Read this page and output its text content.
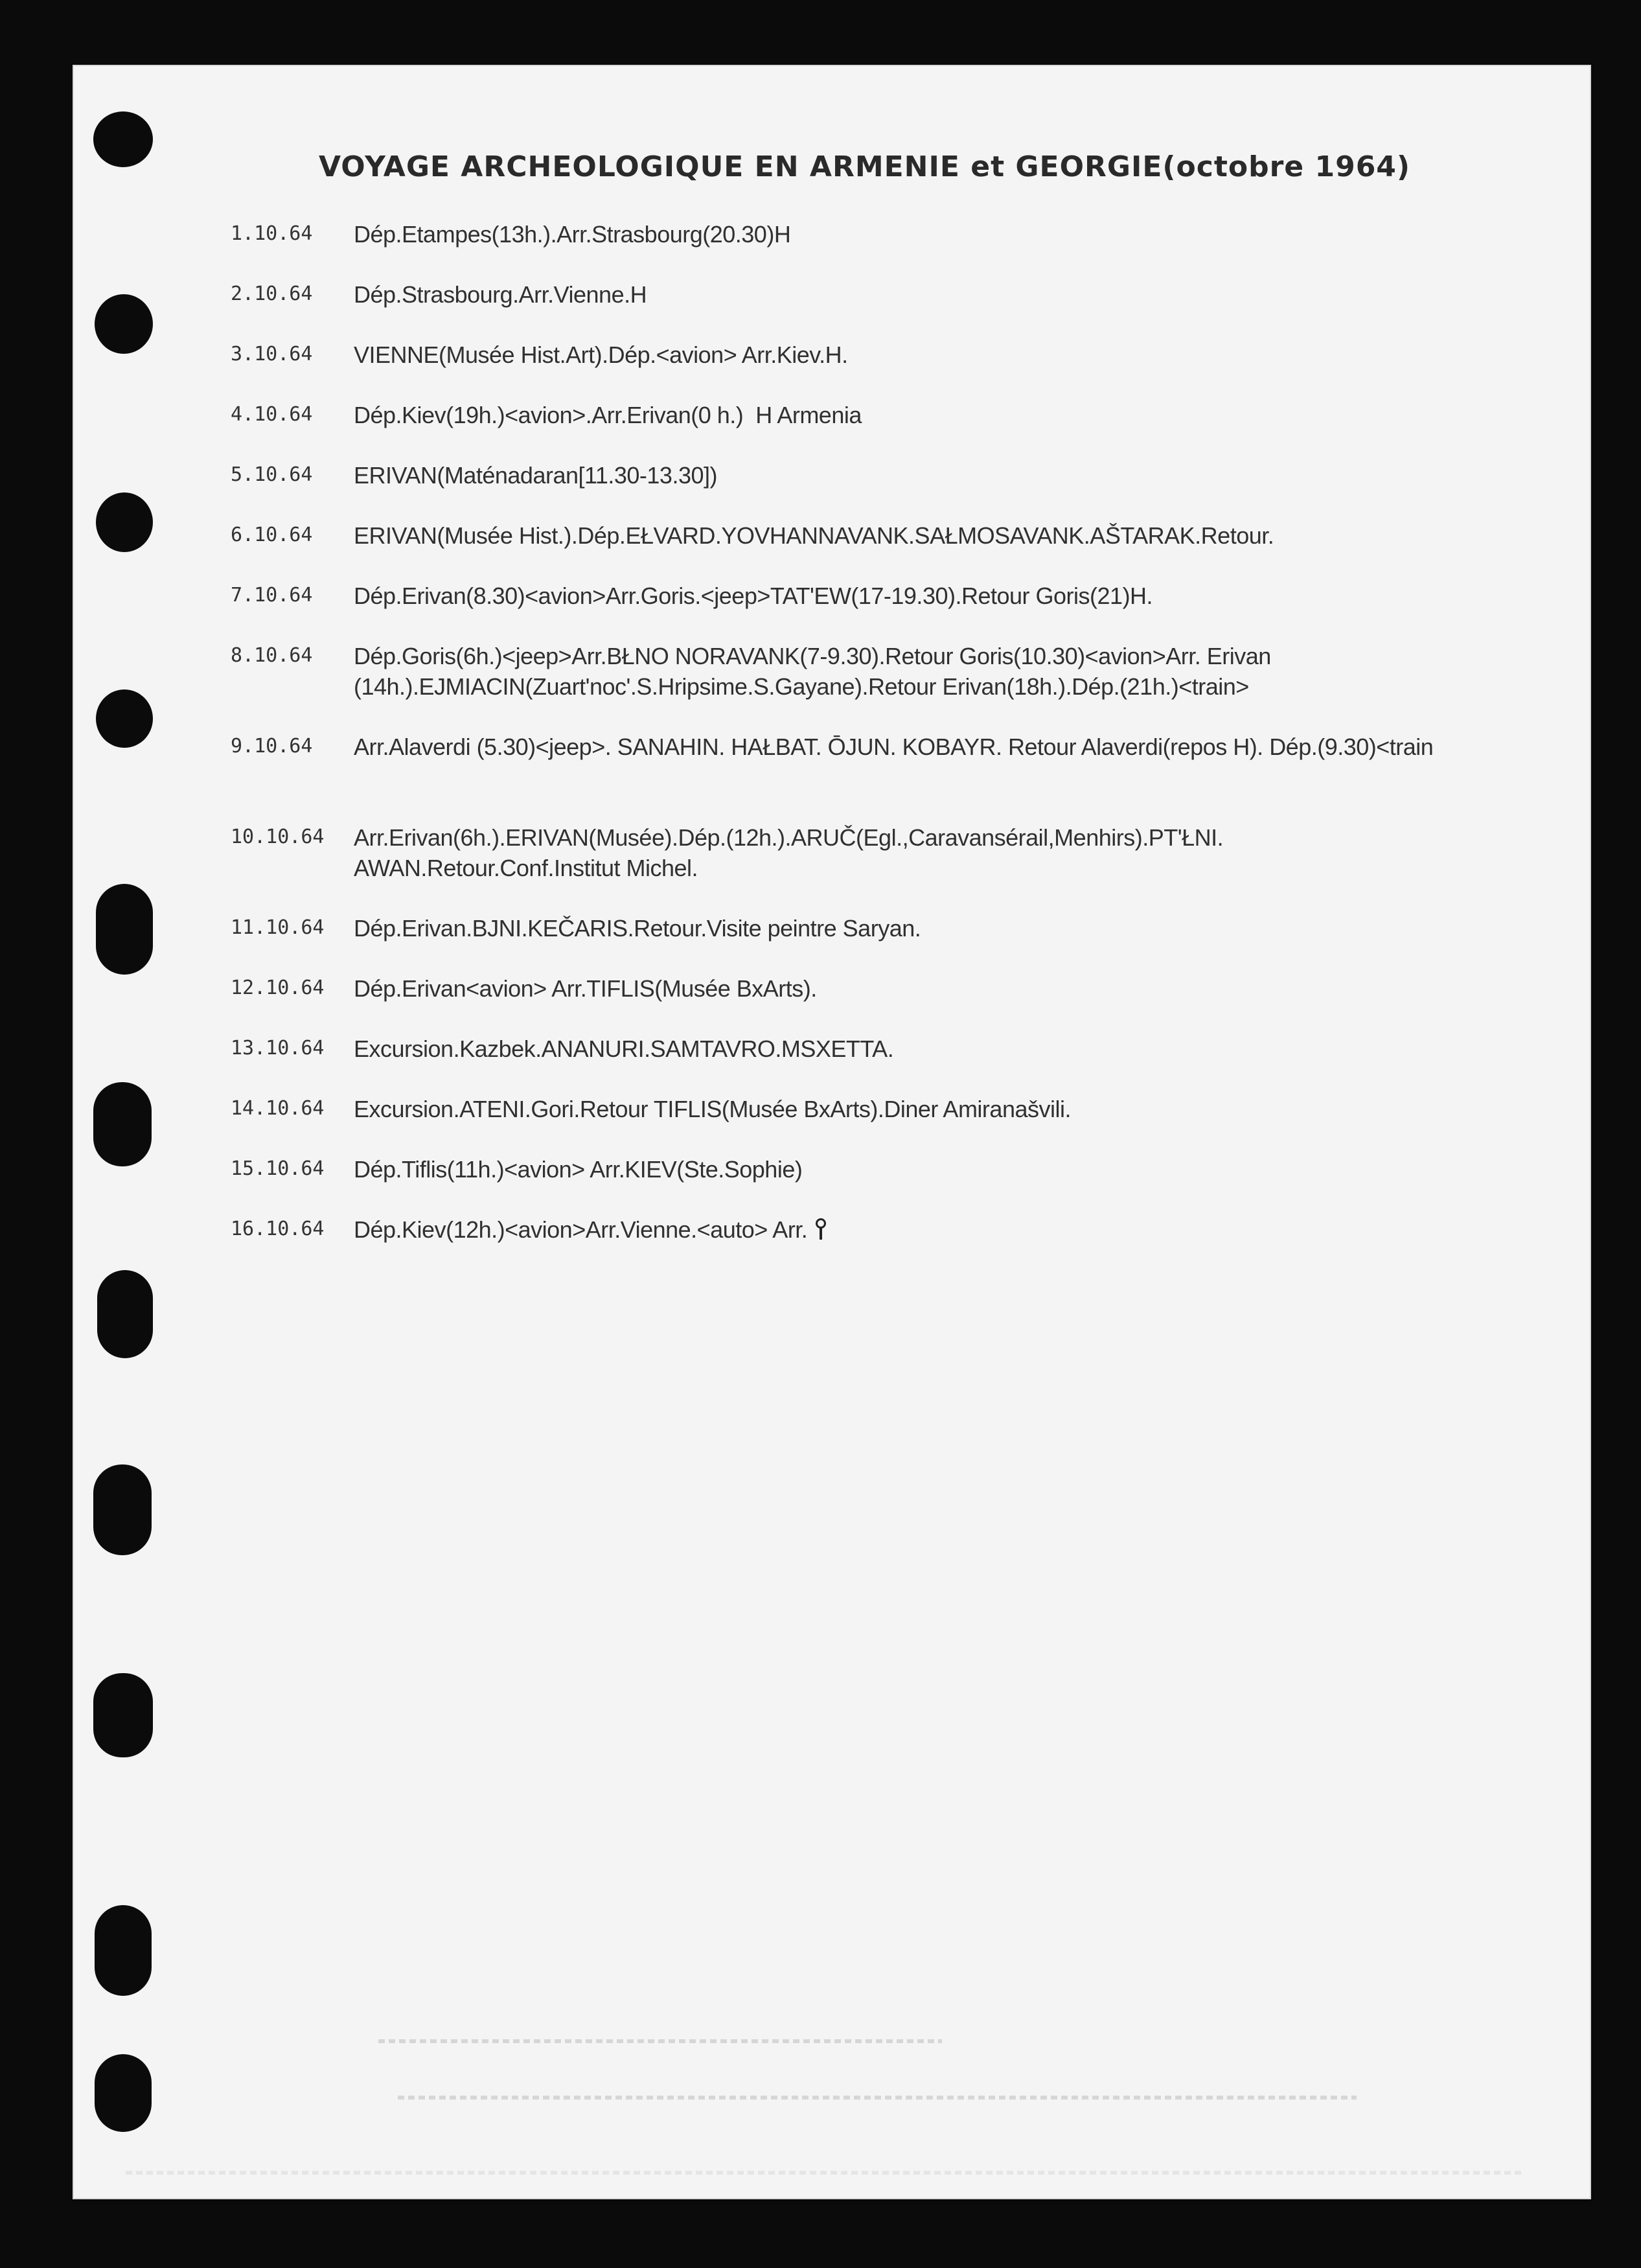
VOYAGE ARCHEOLOGIQUE EN ARMENIE et GEORGIE(octobre 1964)
1.10.64	Dép.Etampes(13h.).Arr.Strasbourg(20.30)H
2.10.64	Dép.Strasbourg.Arr.Vienne.H
3.10.64	VIENNE(Musée Hist.Art).Dép.<avion> Arr.Kiev.H.
4.10.64	Dép.Kiev(19h.)<avion>.Arr.Erivan(0 h.)  H Armenia
5.10.64	ERIVAN(Maténadaran[11.30-13.30])
6.10.64	ERIVAN(Musée Hist.).Dép.EŁVARD.YOVHANNAVANK.SAŁMOSAVANK.AŠTARAK.Retour.
7.10.64	Dép.Erivan(8.30)<avion>Arr.Goris.<jeep>TAT'EW(17-19.30).Retour Goris(21)H.
8.10.64	Dép.Goris(6h.)<jeep>Arr.BŁNO NORAVANK(7-9.30).Retour Goris(10.30)<avion>Arr. Erivan (14h.).EJMIACIN(Zuart'noc'.S.Hripsime.S.Gayane).Retour Erivan(18h.).Dép.(21h.)<train>
9.10.64	Arr.Alaverdi (5.30)<jeep>. SANAHIN. HAŁBAT. ŌJUN. KOBAYR. Retour Alaverdi(repos H). Dép.(9.30)<train
10.10.64	Arr.Erivan(6h.).ERIVAN(Musée).Dép.(12h.).ARUČ(Egl.,Caravansérail,Menhirs).PT'ŁNI. AWAN.Retour.Conf.Institut Michel.
11.10.64	Dép.Erivan.BJNI.KEČARIS.Retour.Visite peintre Saryan.
12.10.64	Dép.Erivan<avion> Arr.TIFLIS(Musée BxArts).
13.10.64	Excursion.Kazbek.ANANURI.SAMTAVRO.MSXETTA.
14.10.64	Excursion.ATENI.Gori.Retour TIFLIS(Musée BxArts).Diner Amiranašvili.
15.10.64	Dép.Tiflis(11h.)<avion> Arr.KIEV(Ste.Sophie)
16.10.64	Dép.Kiev(12h.)<avion>Arr.Vienne.<auto> Arr.
